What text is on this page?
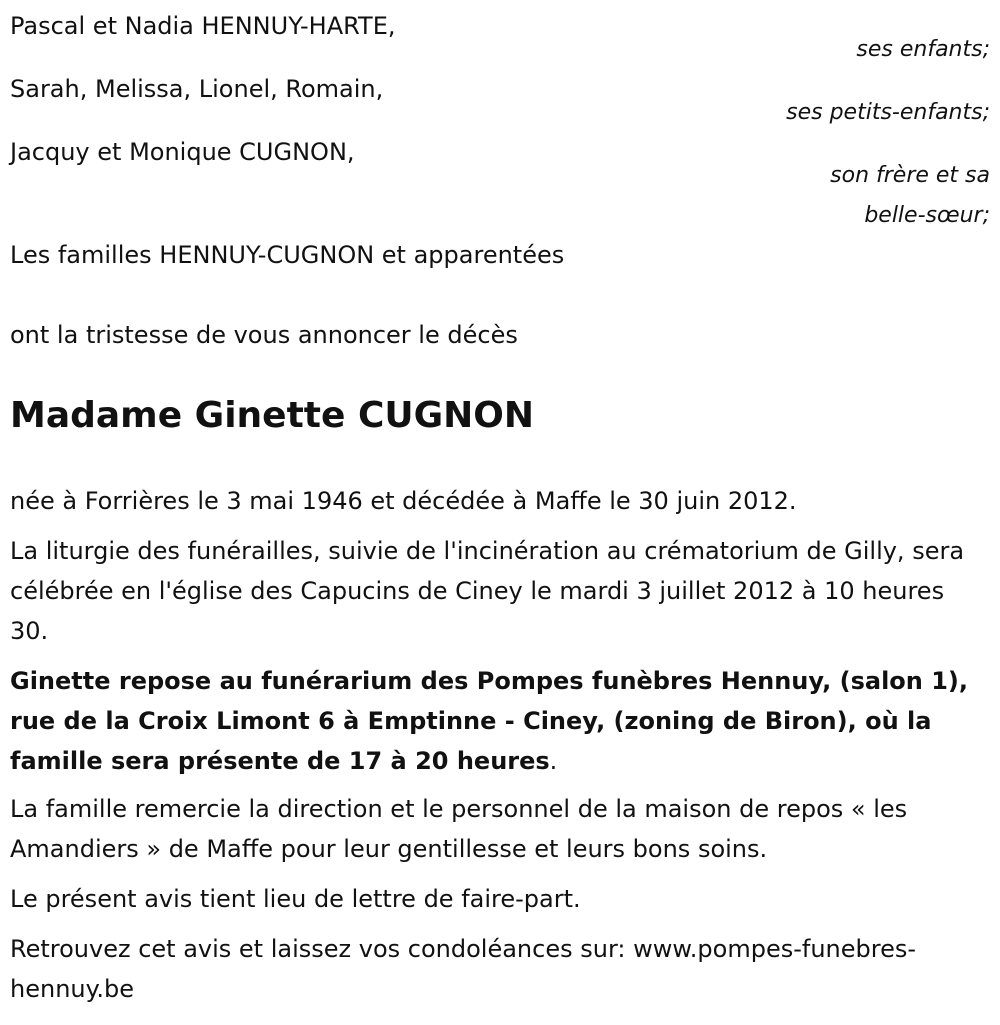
Pascal et Nadia HENNUY-HARTE,
ses enfants;
Sarah, Melissa, Lionel, Romain,
ses petits-enfants;
Jacquy et Monique CUGNON,
son frère et sa
belle-sœur;
Les familles HENNUY-CUGNON et apparentées
ont la tristesse de vous annoncer le décès
Madame Ginette CUGNON

née à Forrières le 3 mai 1946 et décédée à Maffe le 30 juin 2012.

La liturgie des funérailles, suivie de l'incinération au crématorium de Gilly, sera célébrée en l'église des Capucins de Ciney le mardi 3 juillet 2012 à 10 heures 30.

Ginette repose au funérarium des Pompes funèbres Hennuy, (salon 1), rue de la Croix Limont 6 à Emptinne - Ciney, (zoning de Biron), où la famille sera présente de 17 à 20 heures.

La famille remercie la direction et le personnel de la maison de repos « les Amandiers » de Maffe pour leur gentillesse et leurs bons soins.

Le présent avis tient lieu de lettre de faire-part.

Retrouvez cet avis et laissez vos condoléances sur: www.pompes-funebres-hennuy.be
